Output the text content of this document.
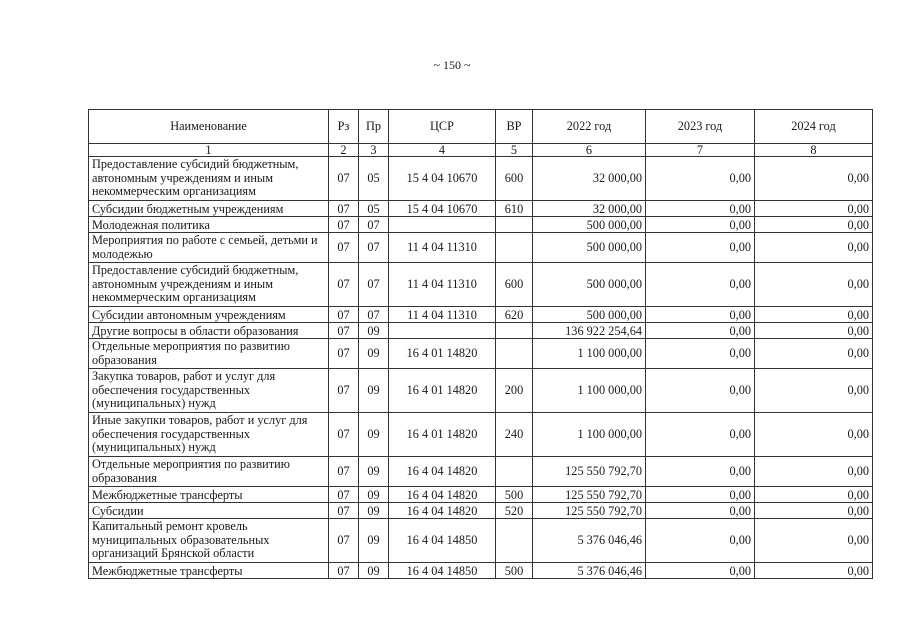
~ 150 ~
Наименование	Рз	Пр	ЦСР	ВР	2022 год	2023 год	2024 год
1	2	3	4	5	6	7	8
Предоставление субсидий бюджетным, автономным учреждениям и иным некоммерческим организациям	07	05	15 4 04 10670	600	32 000,00	0,00	0,00
Субсидии бюджетным учреждениям	07	05	15 4 04 10670	610	32 000,00	0,00	0,00
Молодежная политика	07	07			500 000,00	0,00	0,00
Мероприятия по работе с семьей, детьми и молодежью	07	07	11 4 04 11310		500 000,00	0,00	0,00
Предоставление субсидий бюджетным, автономным учреждениям и иным некоммерческим организациям	07	07	11 4 04 11310	600	500 000,00	0,00	0,00
Субсидии автономным учреждениям	07	07	11 4 04 11310	620	500 000,00	0,00	0,00
Другие вопросы в области образования	07	09			136 922 254,64	0,00	0,00
Отдельные мероприятия по развитию образования	07	09	16 4 01 14820		1 100 000,00	0,00	0,00
Закупка товаров, работ и услуг для обеспечения государственных (муниципальных) нужд	07	09	16 4 01 14820	200	1 100 000,00	0,00	0,00
Иные закупки товаров, работ и услуг для обеспечения государственных (муниципальных) нужд	07	09	16 4 01 14820	240	1 100 000,00	0,00	0,00
Отдельные мероприятия по развитию образования	07	09	16 4 04 14820		125 550 792,70	0,00	0,00
Межбюджетные трансферты	07	09	16 4 04 14820	500	125 550 792,70	0,00	0,00
Субсидии	07	09	16 4 04 14820	520	125 550 792,70	0,00	0,00
Капитальный ремонт кровель муниципальных образовательных организаций Брянской области	07	09	16 4 04 14850		5 376 046,46	0,00	0,00
Межбюджетные трансферты	07	09	16 4 04 14850	500	5 376 046,46	0,00	0,00
